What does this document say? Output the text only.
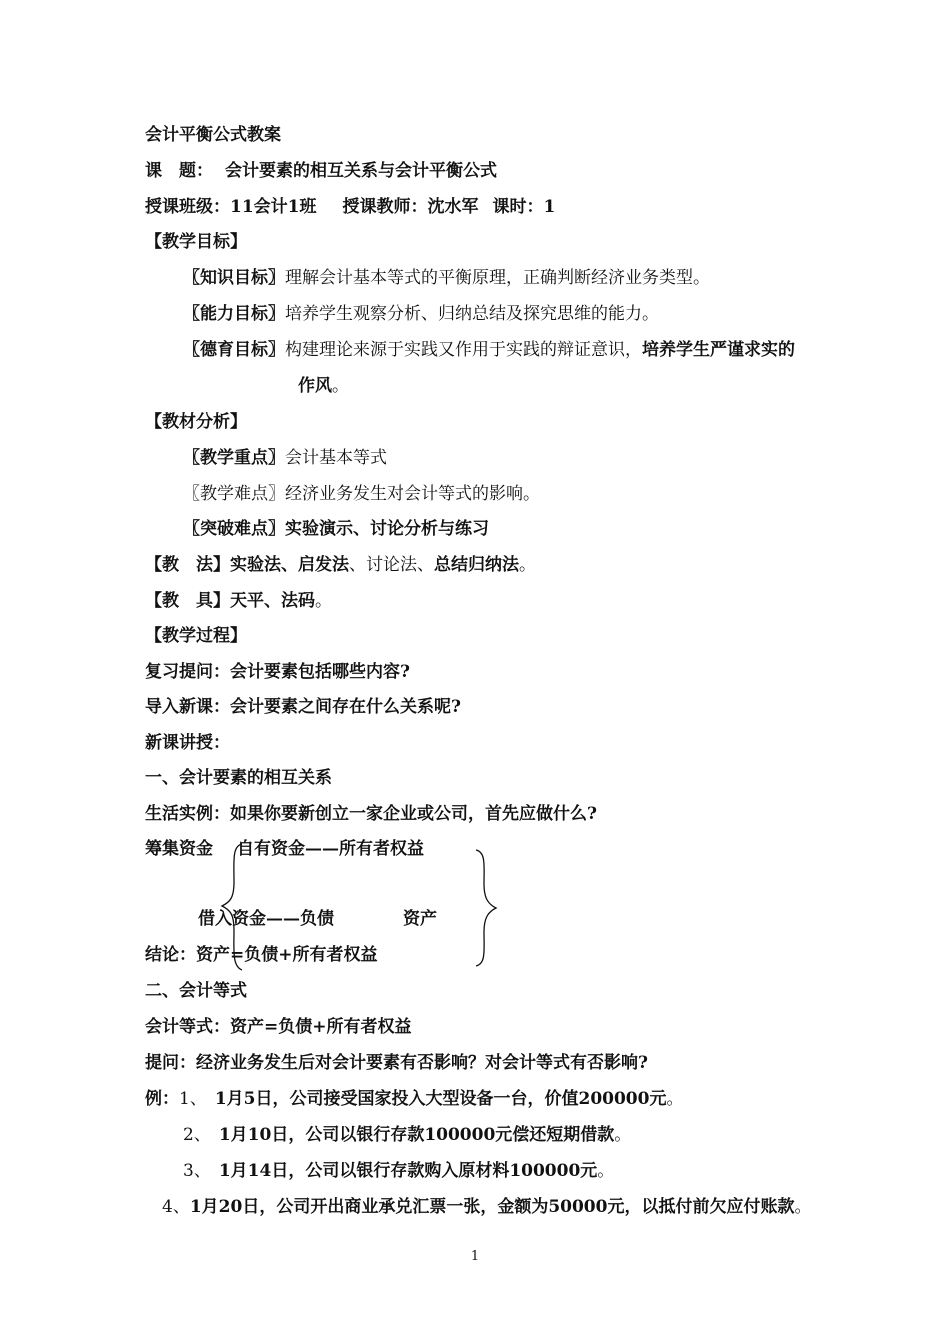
会计平衡公式教案
课　题： 会计要素的相互关系与会计平衡公式
授课班级：11会计1班 授课教师：沈水军 课时：1
【教学目标】
〖知识目标〗理解会计基本等式的平衡原理，正确判断经济业务类型。
〖能力目标〗培养学生观察分析、归纳总结及探究思维的能力。
〖德育目标〗构建理论来源于实践又作用于实践的辩证意识，培养学生严谨求实的
作风。
【教材分析】
〖教学重点〗会计基本等式
〖教学难点〗经济业务发生对会计等式的影响。
〖突破难点〗实验演示、讨论分析与练习
【教　法】实验法、启发法、讨论法、总结归纳法。
【教　具】天平、法码。
【教学过程】
复习提问：会计要素包括哪些内容?
导入新课：会计要素之间存在什么关系呢?
新课讲授：
一、会计要素的相互关系
生活实例：如果你要新创立一家企业或公司，首先应做什么?
筹集资金 自有资金——所有者权益
借入资金——负债	资产
结论：资产=负债+所有者权益
二、会计等式
会计等式：资产=负债+所有者权益
提问：经济业务发生后对会计要素有否影响？对会计等式有否影响?
例：1、 1月5日，公司接受国家投入大型设备一台，价值200000元。
2、 1月10日，公司以银行存款100000元偿还短期借款。
3、 1月14日，公司以银行存款购入原材料100000元。
4、1月20日，公司开出商业承兑汇票一张，金额为50000元，以抵付前欠应付账款。
1
